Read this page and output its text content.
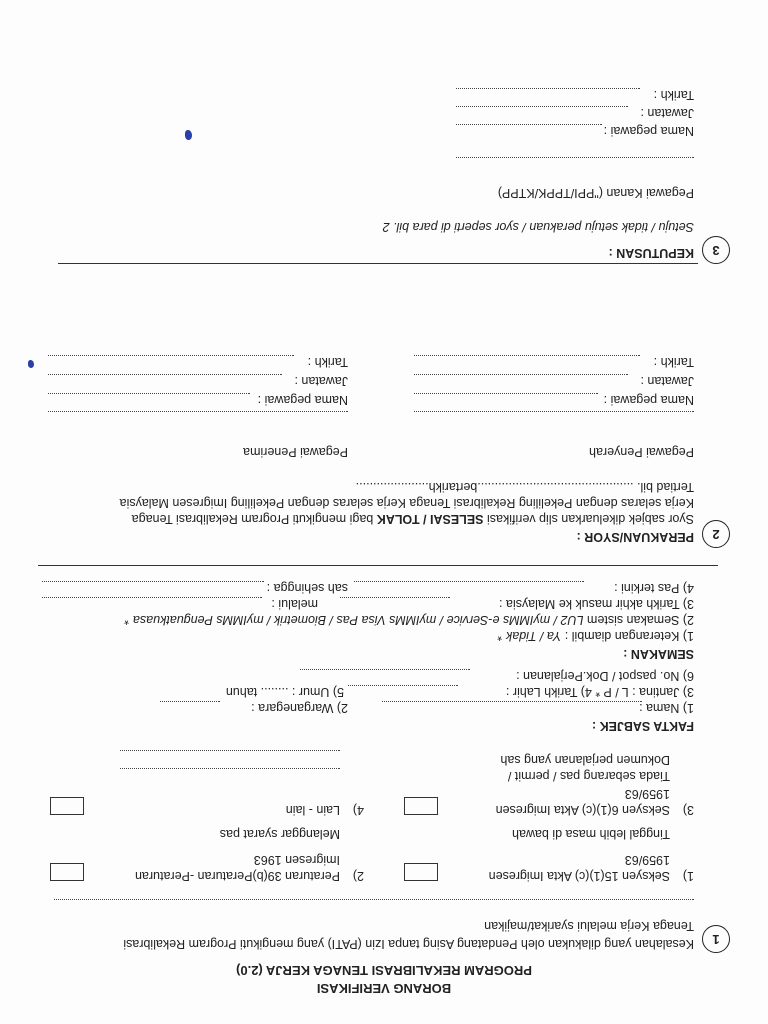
BORANG VERIFIKASI
PROGRAM REKALIBRASI TENAGA KERJA (2.0)
1
Kesalahan yang dilakukan oleh Pendatang Asing tanpa Izin (PATI) yang mengikuti Program Rekalibrasi
Tenaga Kerja melalui syarikat/majikan
1)
Seksyen 15(1)(c) Akta Imigresen
1959/63
2)
Peraturan 39(b)Peraturan -Peraturan
Imigresen 1963
Tinggal lebih masa di bawah
Melanggar syarat pas
3)
Seksyen 6(1)(c) Akta Imigresen
1959/63
4)
Lain - lain
Tiada sebarang pas / permit /
Dokumen perjalanan yang sah
FAKTA SABJEK :
1) Nama :
2) Warganegara :
3) Jantina : L / P * 4) Tarikh Lahir :
5) Umur : ........ tahun
6) No. paspot / Dok.Perjalanan :
SEMAKAN :
1) Keterangan diambil : Ya / Tidak *
2) Semakan sistem LU2 / myIMMs e-Service / myIMMs Visa Pas / Biometrik / myIMMs Penguatkuasa *
3) Tarikh akhir masuk ke Malaysia :
melalui :
4) Pas terkini :
sah sehingga :
2
PERAKUAN/SYOR :
Syor sabjek dikeluarkan slip verifikasi SELESAI / TOLAK bagi mengikuti Program Rekalibrasi Tenaga
Kerja selaras dengan Pekeliling Rekalibrasi Tenaga Kerja selaras dengan Pekeliling Imigresen Malaysia
Tertiad bil. .............................................bertarikh.....................
Pegawai Penyerah
Pegawai Penerima
Nama pegawai :
Nama pegawai :
Jawatan :
Jawatan :
Tarikh :
Tarikh :
3
KEPUTUSAN :
Setuju / tidak setuju perakuan / syor seperti di para bil. 2
Pegawai Kanan ("PPI/TPPK/KTPP)
Nama pegawai :
Jawatan :
Tarikh :
